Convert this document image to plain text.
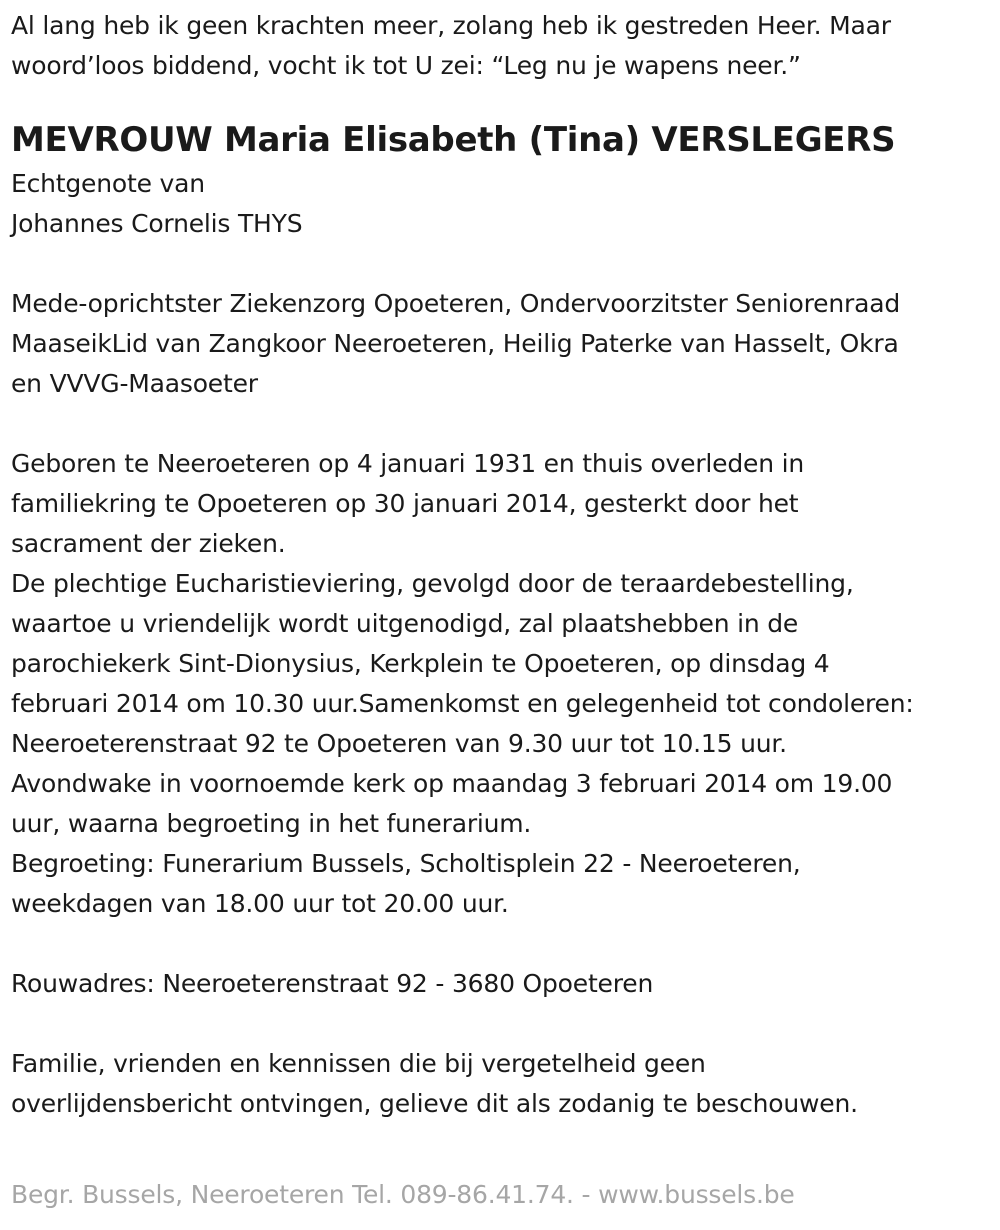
Al lang heb ik geen krachten meer, zolang heb ik gestreden Heer. Maar
woord’loos biddend, vocht ik tot U zei: “Leg nu je wapens neer.”
MEVROUW Maria Elisabeth (Tina) VERSLEGERS
Echtgenote van
Johannes Cornelis THYS
Mede-oprichtster Ziekenzorg Opoeteren, Ondervoorzitster Seniorenraad
MaaseikLid van Zangkoor Neeroeteren, Heilig Paterke van Hasselt, Okra
en VVVG-Maasoeter
Geboren te Neeroeteren op 4 januari 1931 en thuis overleden in
familiekring te Opoeteren op 30 januari 2014, gesterkt door het
sacrament der zieken.
De plechtige Eucharistieviering, gevolgd door de teraardebestelling,
waartoe u vriendelijk wordt uitgenodigd, zal plaatshebben in de
parochiekerk Sint-Dionysius, Kerkplein te Opoeteren, op dinsdag 4
februari 2014 om 10.30 uur.Samenkomst en gelegenheid tot condoleren:
Neeroeterenstraat 92 te Opoeteren van 9.30 uur tot 10.15 uur.
Avondwake in voornoemde kerk op maandag 3 februari 2014 om 19.00
uur, waarna begroeting in het funerarium.
Begroeting: Funerarium Bussels, Scholtisplein 22 - Neeroeteren,
weekdagen van 18.00 uur tot 20.00 uur.
Rouwadres: Neeroeterenstraat 92 - 3680 Opoeteren
Familie, vrienden en kennissen die bij vergetelheid geen
overlijdensbericht ontvingen, gelieve dit als zodanig te beschouwen.
Begr. Bussels, Neeroeteren Tel. 089-86.41.74. - www.bussels.be
